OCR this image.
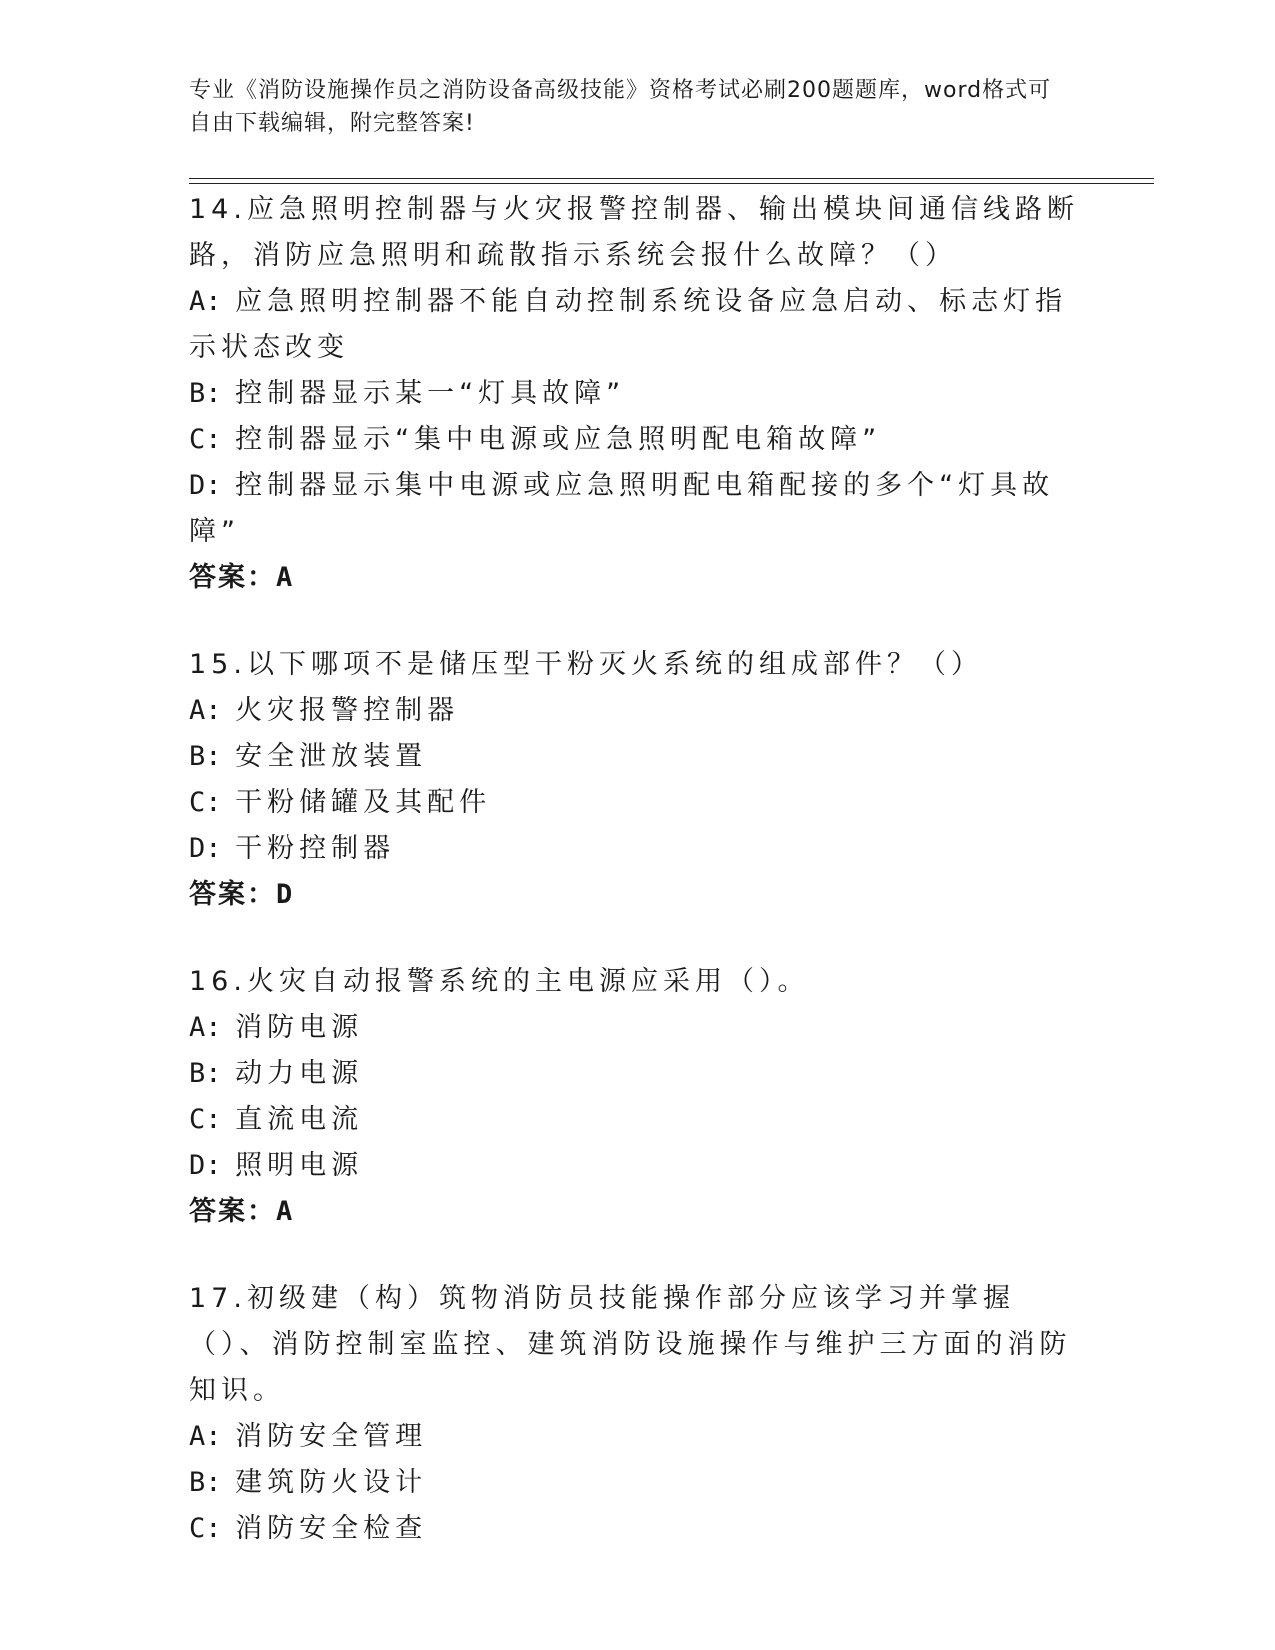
专业《消防设施操作员之消防设备高级技能》资格考试必刷200题题库，word格式可自由下载编辑，附完整答案!

14.应急照明控制器与火灾报警控制器、输出模块间通信线路断路，消防应急照明和疏散指示系统会报什么故障？（）

A: 应急照明控制器不能自动控制系统设备应急启动、标志灯指示状态改变

B: 控制器显示某一“灯具故障”

C: 控制器显示“集中电源或应急照明配电箱故障”

D: 控制器显示集中电源或应急照明配电箱配接的多个“灯具故障”

答案：A

15.以下哪项不是储压型干粉灭火系统的组成部件？（）

A: 火灾报警控制器

B: 安全泄放装置

C: 干粉储罐及其配件

D: 干粉控制器

答案：D

16.火灾自动报警系统的主电源应采用（）。

A: 消防电源

B: 动力电源

C: 直流电流

D: 照明电源

答案：A

17.初级建（构）筑物消防员技能操作部分应该学习并掌握（）、消防控制室监控、建筑消防设施操作与维护三方面的消防知识。

A: 消防安全管理

B: 建筑防火设计

C: 消防安全检查
